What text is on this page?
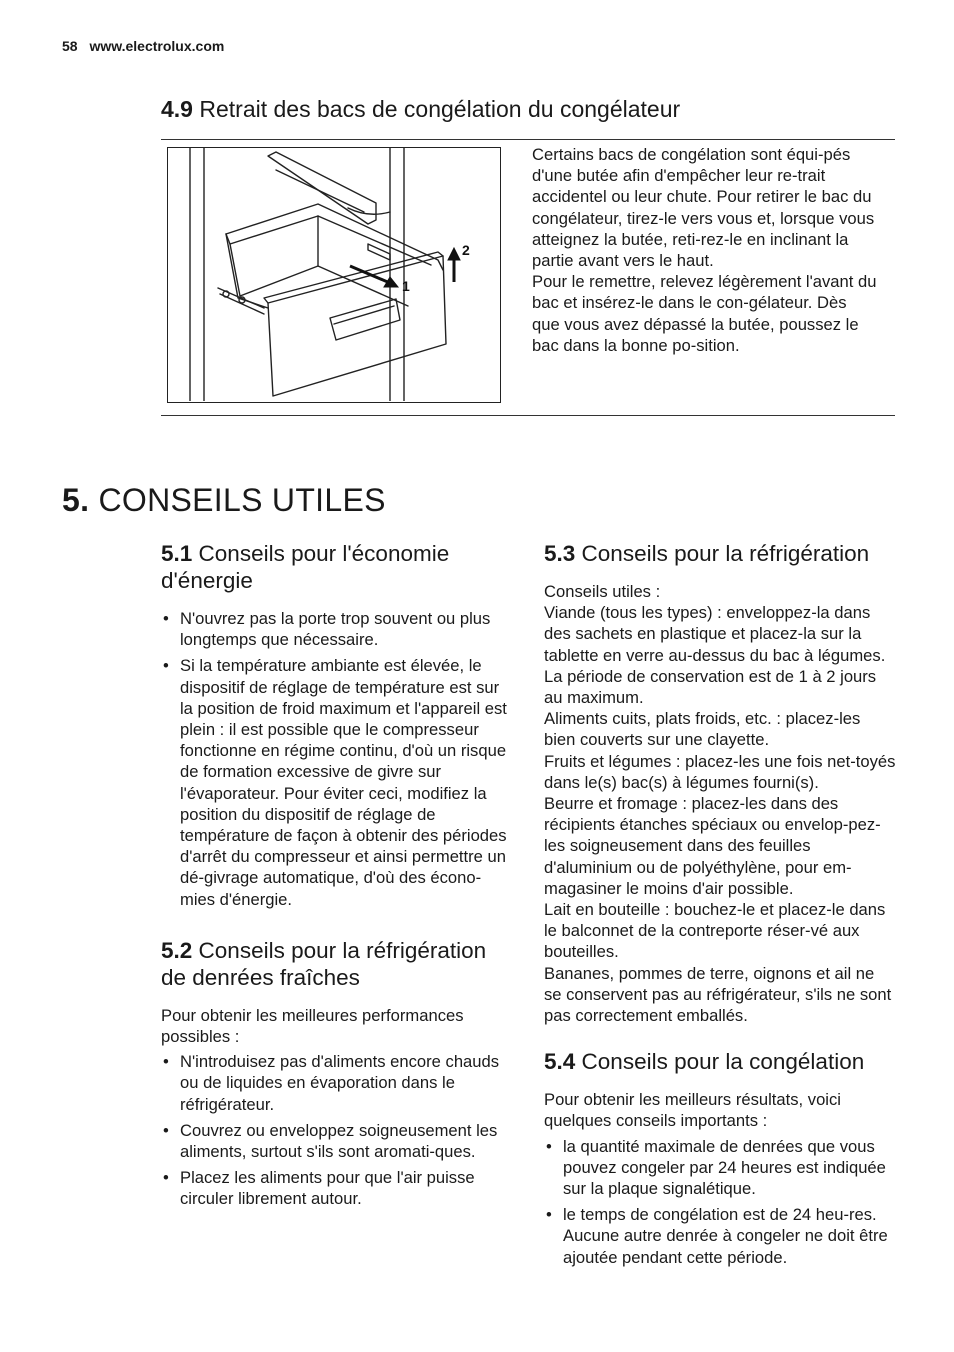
58 www.electrolux.com
4.9 Retrait des bacs de congélation du congélateur
1
2

Certains bacs de congélation sont équi-pés d'une butée afin d'empêcher leur re-trait accidentel ou leur chute. Pour retirer le bac du congélateur, tirez-le vers vous et, lorsque vous atteignez la butée, reti-rez-le en inclinant la partie avant vers le haut.

Pour le remettre, relevez légèrement l'avant du bac et insérez-le dans le con-gélateur. Dès que vous avez dépassé la butée, poussez le bac dans la bonne po-sition.

5. CONSEILS UTILES
5.1 Conseils pour l'économie d'énergie
• N'ouvrez pas la porte trop souvent ou plus longtemps que nécessaire.
• Si la température ambiante est élevée, le dispositif de réglage de température est sur la position de froid maximum et l'appareil est plein : il est possible que le compresseur fonctionne en régime continu, d'où un risque de formation excessive de givre sur l'évaporateur. Pour éviter ceci, modifiez la position du dispositif de réglage de température de façon à obtenir des périodes d'arrêt du compresseur et ainsi permettre un dé-givrage automatique, d'où des écono-mies d'énergie.
5.2 Conseils pour la réfrigération de denrées fraîches

Pour obtenir les meilleures performances possibles :

• N'introduisez pas d'aliments encore chauds ou de liquides en évaporation dans le réfrigérateur.
• Couvrez ou enveloppez soigneusement les aliments, surtout s'ils sont aromati-ques.
• Placez les aliments pour que l'air puisse circuler librement autour.
5.3 Conseils pour la réfrigération

Conseils utiles :

Viande (tous les types) : enveloppez-la dans des sachets en plastique et placez-la sur la tablette en verre au-dessus du bac à légumes.

La période de conservation est de 1 à 2 jours au maximum.

Aliments cuits, plats froids, etc. : placez-les bien couverts sur une clayette.

Fruits et légumes : placez-les une fois net-toyés dans le(s) bac(s) à légumes fourni(s).

Beurre et fromage : placez-les dans des récipients étanches spéciaux ou envelop-pez-les soigneusement dans des feuilles d'aluminium ou de polyéthylène, pour em-magasiner le moins d'air possible.

Lait en bouteille : bouchez-le et placez-le dans le balconnet de la contreporte réser-vé aux bouteilles.

Bananes, pommes de terre, oignons et ail ne se conservent pas au réfrigérateur, s'ils ne sont pas correctement emballés.

5.4 Conseils pour la congélation

Pour obtenir les meilleurs résultats, voici quelques conseils importants :

• la quantité maximale de denrées que vous pouvez congeler par 24 heures est indiquée sur la plaque signalétique.
• le temps de congélation est de 24 heu-res. Aucune autre denrée à congeler ne doit être ajoutée pendant cette période.
